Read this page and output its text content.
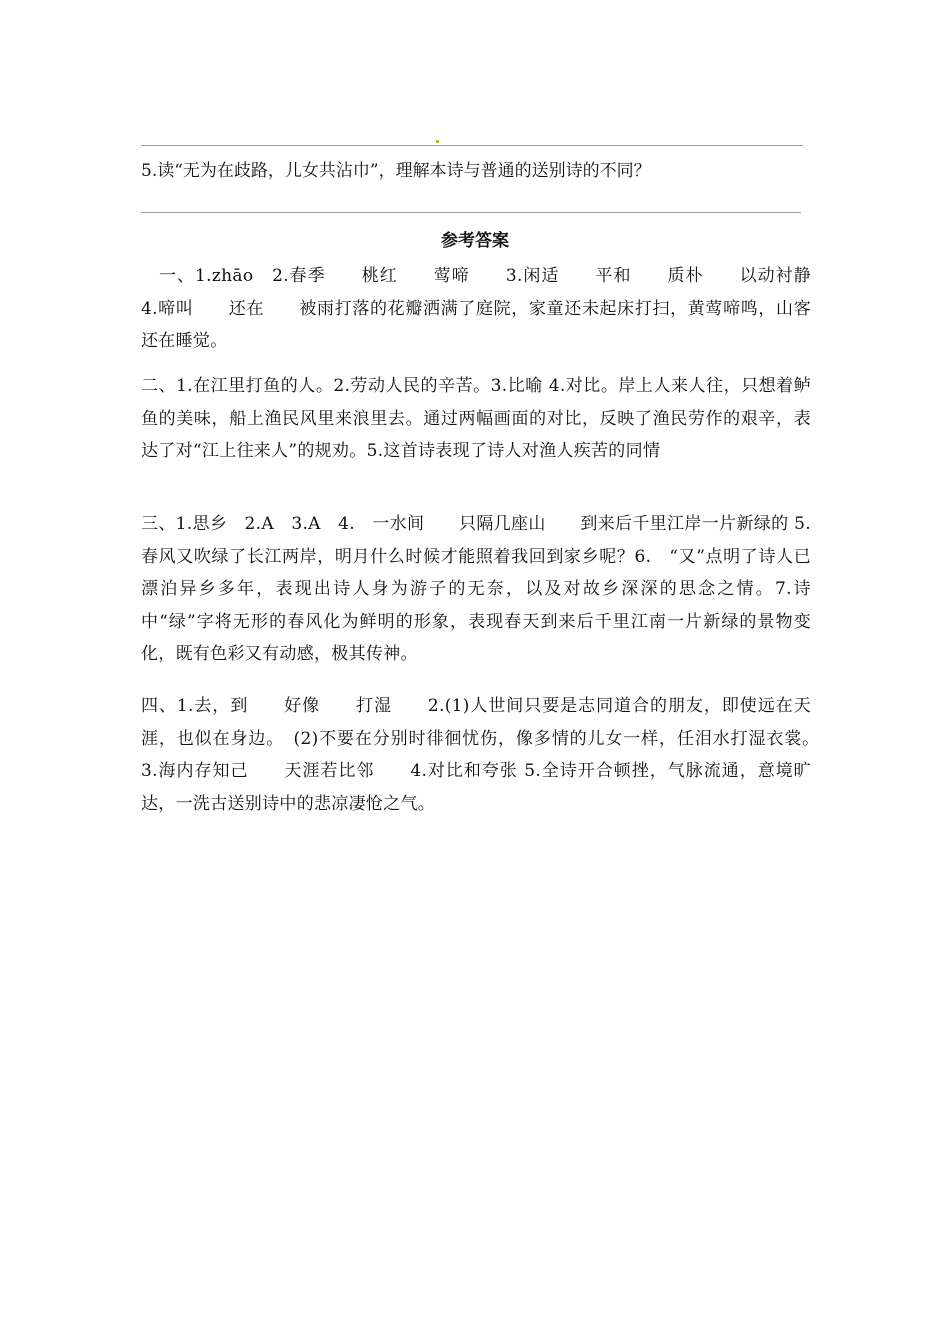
5.读“无为在歧路，儿女共沾巾”，理解本诗与普通的送别诗的不同？
参考答案
　一、1.zhāo　2.春季　　桃红　　莺啼　　3.闲适　　平和　　质朴　　以动衬静　　4.啼叫　　还在　　被雨打落的花瓣洒满了庭院，家童还未起床打扫，黄莺啼鸣，山客还在睡觉。
二、1.在江里打鱼的人。2.劳动人民的辛苦。3.比喻 4.对比。岸上人来人往，只想着鲈鱼的美味，船上渔民风里来浪里去。通过两幅画面的对比，反映了渔民劳作的艰辛，表达了对“江上往来人”的规劝。5.这首诗表现了诗人对渔人疾苦的同情
三、1.思乡　2.A　3.A　4.　一水间　　只隔几座山　　到来后千里江岸一片新绿的 5.　春风又吹绿了长江两岸，明月什么时候才能照着我回到家乡呢？6.　“又”点明了诗人已漂泊异乡多年，表现出诗人身为游子的无奈，以及对故乡深深的思念之情。7.诗中“绿”字将无形的春风化为鲜明的形象，表现春天到来后千里江南一片新绿的景物变化，既有色彩又有动感，极其传神。
四、1.去，到　　好像　　打湿　　2.(1)人世间只要是志同道合的朋友，即使远在天涯，也似在身边。　(2)不要在分别时徘徊忧伤，像多情的儿女一样，任泪水打湿衣裳。　3.海内存知己　　天涯若比邻　　4.对比和夸张 5.全诗开合顿挫，气脉流通，意境旷达，一洗古送别诗中的悲凉凄怆之气。
